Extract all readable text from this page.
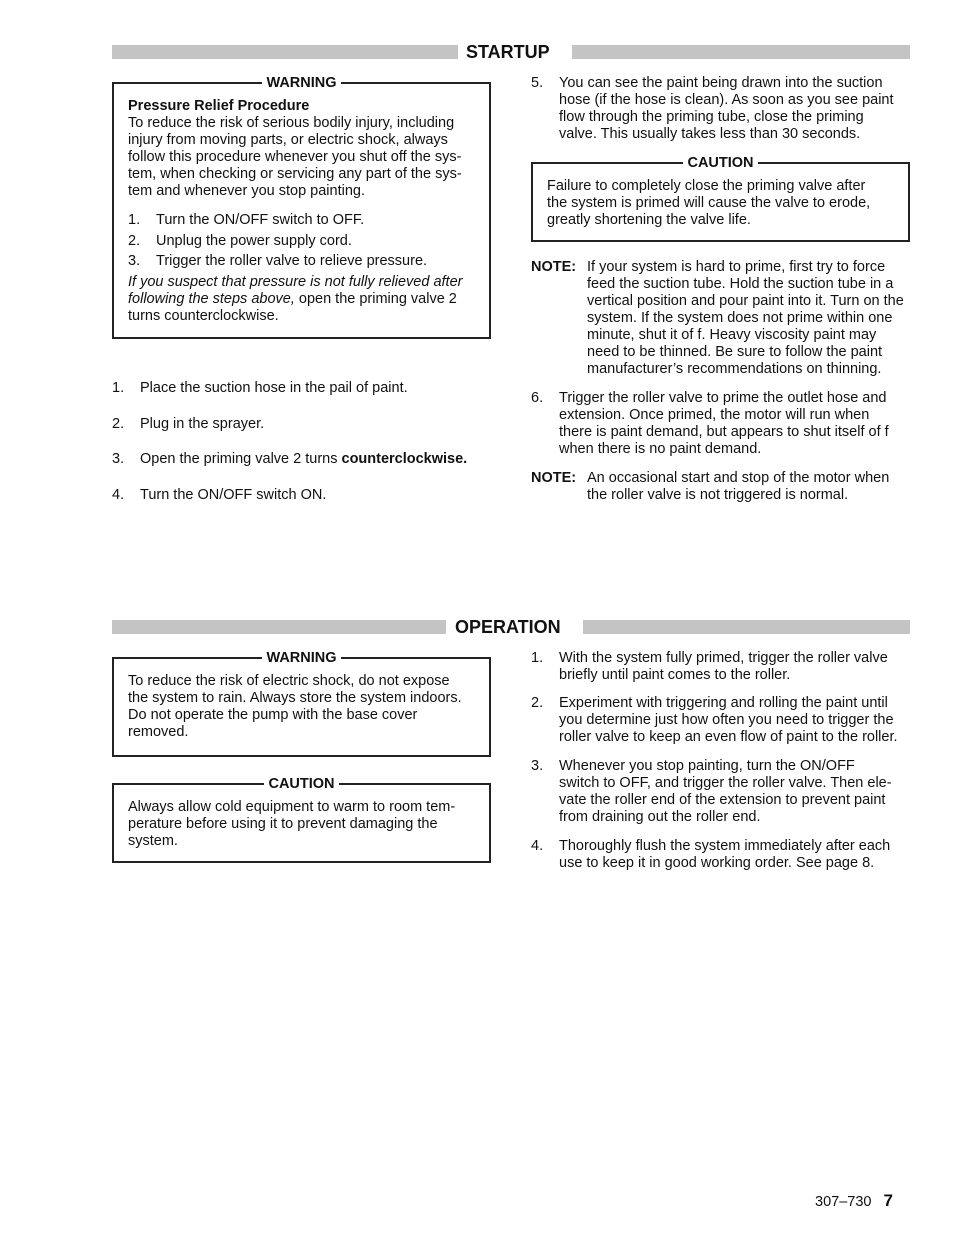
STARTUP
WARNING
Pressure Relief Procedure
To reduce the risk of serious bodily injury, including
injury from moving parts, or electric shock, always
follow this procedure whenever you shut off the sys-
tem, when checking or servicing any part of the sys-
tem and whenever you stop painting.
1. Turn the ON/OFF switch to OFF.
2. Unplug the power supply cord.
3. Trigger the roller valve to relieve pressure.
If you suspect that pressure is not fully relieved after
following the steps above, open the priming valve 2
turns counterclockwise.
1. Place the suction hose in the pail of paint.
2. Plug in the sprayer.
3. Open the priming valve 2 turns counterclockwise.
4. Turn the ON/OFF switch ON.
5. You can see the paint being drawn into the suction
hose (if the hose is clean). As soon as you see paint
flow through the priming tube, close the priming
valve. This usually takes less than 30 seconds.
CAUTION
Failure to completely close the priming valve after
the system is primed will cause the valve to erode,
greatly shortening the valve life.
NOTE: If your system is hard to prime, first try to force
feed the suction tube. Hold the suction tube in a
vertical position and pour paint into it. Turn on the
system. If the system does not prime within one
minute, shut it of f. Heavy viscosity paint may
need to be thinned. Be sure to follow the paint
manufacturer’s recommendations on thinning.
6. Trigger the roller valve to prime the outlet hose and
extension. Once primed, the motor will run when
there is paint demand, but appears to shut itself of f
when there is no paint demand.
NOTE: An occasional start and stop of the motor when
the roller valve is not triggered is normal.
OPERATION
WARNING
To reduce the risk of electric shock, do not expose
the system to rain. Always store the system indoors.
Do not operate the pump with the base cover
removed.
CAUTION
Always allow cold equipment to warm to room tem-
perature before using it to prevent damaging the
system.
1. With the system fully primed, trigger the roller valve
briefly until paint comes to the roller.
2. Experiment with triggering and rolling the paint until
you determine just how often you need to trigger the
roller valve to keep an even flow of paint to the roller.
3. Whenever you stop painting, turn the ON/OFF
switch to OFF, and trigger the roller valve. Then ele-
vate the roller end of the extension to prevent paint
from draining out the roller end.
4. Thoroughly flush the system immediately after each
use to keep it in good working order. See page 8.
307–730 7
